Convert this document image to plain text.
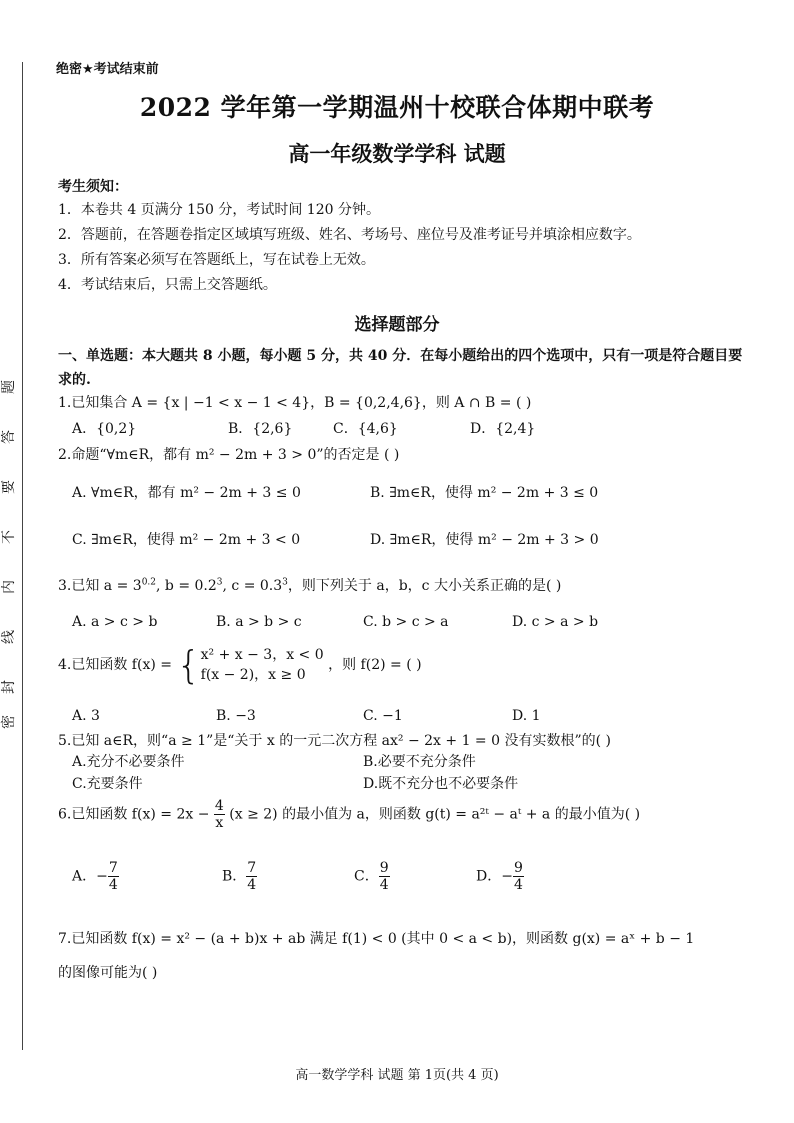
题
答
要
不
内
线
封
密
绝密★考试结束前
2022 学年第一学期温州十校联合体期中联考
高一年级数学学科 试题
考生须知：
1．本卷共 4 页满分 150 分，考试时间 120 分钟。
2．答题前，在答题卷指定区域填写班级、姓名、考场号、座位号及准考证号并填涂相应数字。
3．所有答案必须写在答题纸上，写在试卷上无效。
4．考试结束后，只需上交答题纸。
选择题部分
一、单选题：本大题共 8 小题，每小题 5 分，共 40 分．在每小题给出的四个选项中，只有一项是符合题目要求的.
1.已知集合 A = {x | −1 < x − 1 < 4}，B = {0,2,4,6}，则 A ∩ B = ( )
A．{0,2}	B．{2,6}	C．{4,6}	D．{2,4}
2.命题“∀m∈R，都有 m² − 2m + 3 > 0”的否定是 ( )
A. ∀m∈R，都有 m² − 2m + 3 ≤ 0	B. ∃m∈R，使得 m² − 2m + 3 ≤ 0
C. ∃m∈R，使得 m² − 2m + 3 < 0	D. ∃m∈R，使得 m² − 2m + 3 > 0
3.已知 $a = 3^{0.2}$, $b = 0.2^3$, $c = 0.3^3$，则下列关于 a，b，c 大小关系正确的是( )
A. a > c > b	B. a > b > c	C. b > c > a	D. c > a > b
4.已知函数 f(x) = { x² + x − 3，x < 0
f(x − 2)，x ≥ 0
，则 f(2) = ( )
A. 3	B. −3	C. −1	D. 1
5.已知 a∈R，则“a ≥ 1”是“关于 x 的一元二次方程 ax² − 2x + 1 = 0 没有实数根”的( )
A.充分不必要条件	B.必要不充分条件
C.充要条件	D.既不充分也不必要条件
6.已知函数 $f(x) = 2x - \frac{4}{x} (x \ge 2)$ 的最小值为 a，则函数 g(t) = a²ᵗ − aᵗ + a 的最小值为( )
A．− $\frac{7}{4}$	B． $\frac{7}{4}$	C． $\frac{9}{4}$	D．− $\frac{9}{4}$
7.已知函数 f(x) = x² − (a + b)x + ab 满足 f(1) < 0 (其中 0 < a < b)，则函数 g(x) = aˣ + b − 1
的图像可能为( )
高一数学学科 试题 第 1页(共 4 页)
